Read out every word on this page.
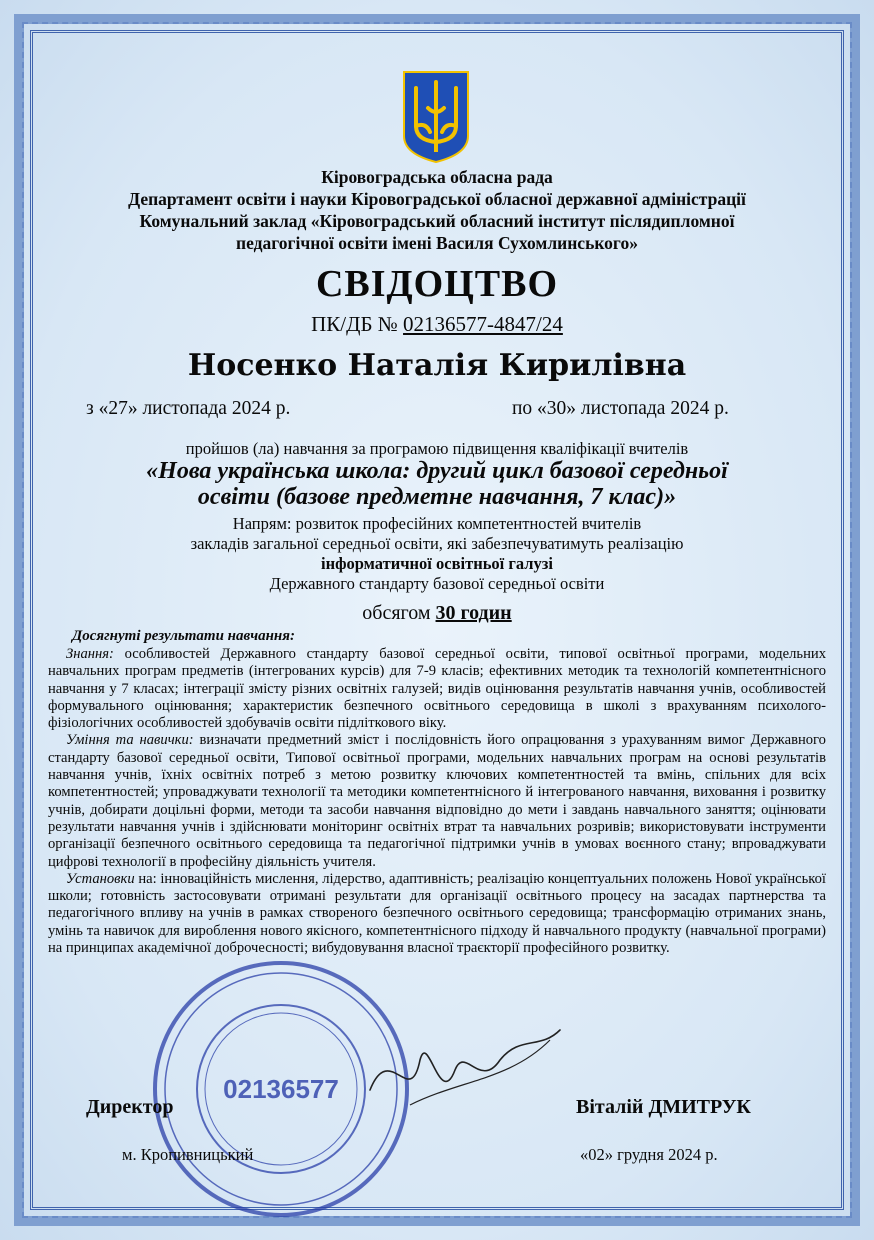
Кіровоградська обласна рада
Департамент освіти і науки Кіровоградської обласної державної адміністрації
Комунальний заклад «Кіровоградський обласний інститут післядипломної
педагогічної освіти імені Василя Сухомлинського»
СВІДОЦТВО
ПК/ДБ № 02136577-4847/24
Носенко Наталія Кирилівна
з «27» листопада 2024 р.	по «30» листопада 2024 р.
пройшов (ла) навчання за програмою підвищення кваліфікації вчителів
«Нова українська школа: другий цикл базової середньої
освіти (базове предметне навчання, 7 клас)»
Напрям: розвиток професійних компетентностей вчителів
закладів загальної середньої освіти, які забезпечуватимуть реалізацію
інформатичної освітньої галузі
Державного стандарту базової середньої освіти
обсягом 30 годин
Досягнуті результати навчання:

Знання: особливостей Державного стандарту базової середньої освіти, типової освітньої програми, модельних навчальних програм предметів (інтегрованих курсів) для 7-9 класів; ефективних методик та технологій компетентнісного навчання у 7 класах; інтеграції змісту різних освітніх галузей; видів оцінювання результатів навчання учнів, особливостей формувального оцінювання; характеристик безпечного освітнього середовища в школі з врахуванням психолого-фізіологічних особливостей здобувачів освіти підліткового віку.

Уміння та навички: визначати предметний зміст і послідовність його опрацювання з урахуванням вимог Державного стандарту базової середньої освіти, Типової освітньої програми, модельних навчальних програм на основі результатів навчання учнів, їхніх освітніх потреб з метою розвитку ключових компетентностей та вмінь, спільних для всіх компетентностей; упроваджувати технології та методики компетентнісного й інтегрованого навчання, виховання і розвитку учнів, добирати доцільні форми, методи та засоби навчання відповідно до мети і завдань навчального заняття; оцінювати результати навчання учнів і здійснювати моніторинг освітніх втрат та навчальних розривів; використовувати інструменти організації безпечного освітнього середовища та педагогічної підтримки учнів в умовах воєнного стану; впроваджувати цифрові технології в професійну діяльність учителя.

Установки на: інноваційність мислення, лідерство, адаптивність; реалізацію концептуальних положень Нової української школи; готовність застосовувати отримані результати для організації освітнього процесу на засадах партнерства та педагогічного впливу на учнів в рамках створеного безпечного освітнього середовища; трансформацію отриманих знань, умінь та навичок для вироблення нового якісного, компетентнісного підходу й навчального продукту (навчальної програми) на принципах академічної доброчесності; вибудовування власної траєкторії професійного розвитку.

02136577
Директор	Віталій ДМИТРУК
м. Кропивницький	«02» грудня 2024 р.
